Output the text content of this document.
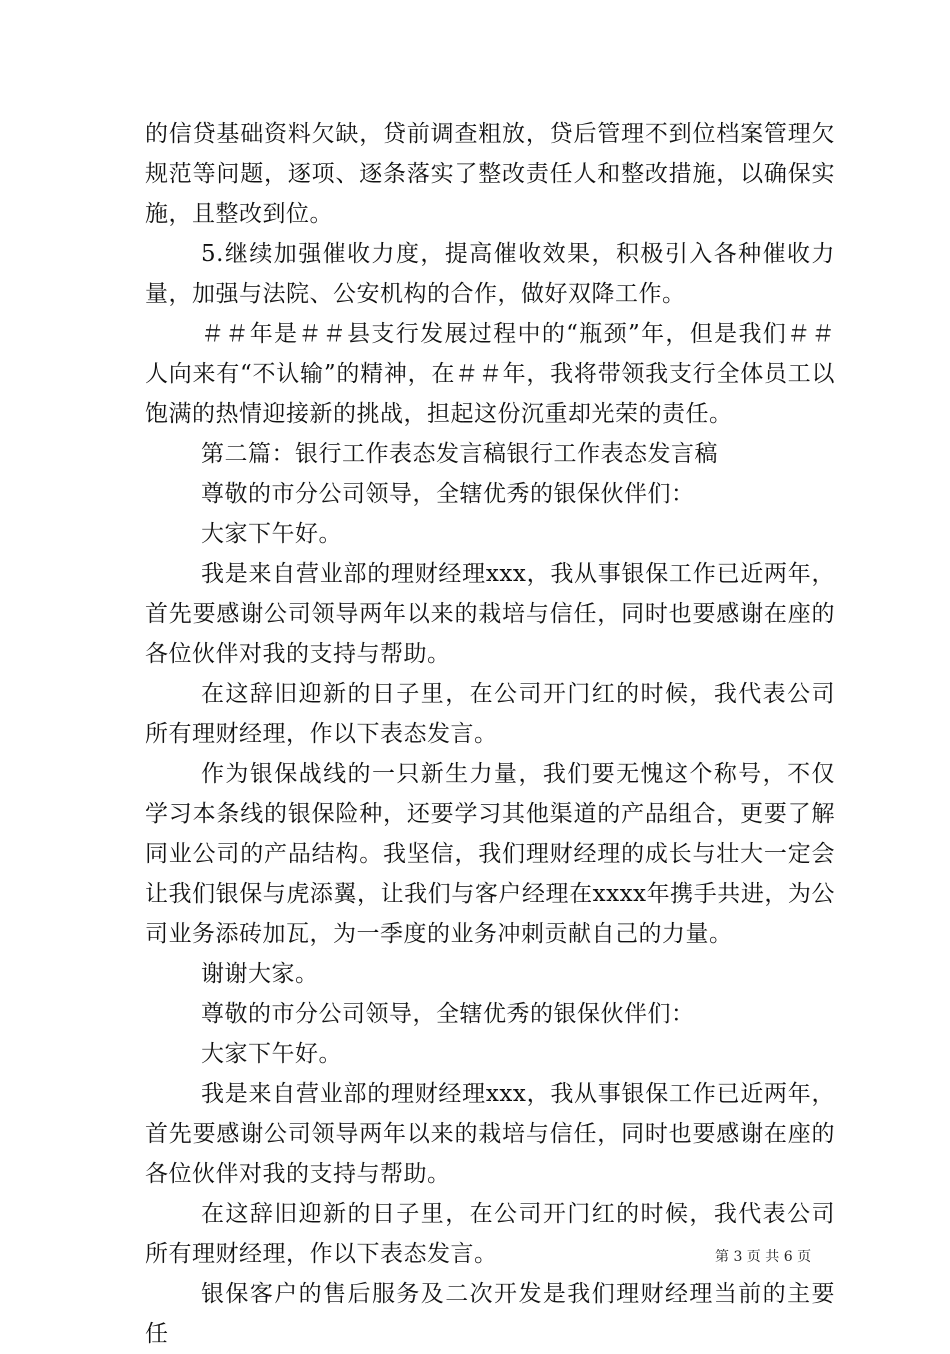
的信贷基础资料欠缺，贷前调查粗放，贷后管理不到位档案管理欠规范等问题，逐项、逐条落实了整改责任人和整改措施，以确保实施，且整改到位。

5.继续加强催收力度，提高催收效果，积极引入各种催收力量，加强与法院、公安机构的合作，做好双降工作。

＃＃年是＃＃县支行发展过程中的“瓶颈”年，但是我们＃＃人向来有“不认输”的精神，在＃＃年，我将带领我支行全体员工以饱满的热情迎接新的挑战，担起这份沉重却光荣的责任。

第二篇：银行工作表态发言稿银行工作表态发言稿

尊敬的市分公司领导，全辖优秀的银保伙伴们：

大家下午好。

我是来自营业部的理财经理xxx，我从事银保工作已近两年，首先要感谢公司领导两年以来的栽培与信任，同时也要感谢在座的各位伙伴对我的支持与帮助。

在这辞旧迎新的日子里，在公司开门红的时候，我代表公司所有理财经理，作以下表态发言。

作为银保战线的一只新生力量，我们要无愧这个称号，不仅学习本条线的银保险种，还要学习其他渠道的产品组合，更要了解同业公司的产品结构。我坚信，我们理财经理的成长与壮大一定会让我们银保与虎添翼，让我们与客户经理在xxxx年携手共进，为公司业务添砖加瓦，为一季度的业务冲刺贡献自己的力量。

谢谢大家。

尊敬的市分公司领导，全辖优秀的银保伙伴们：

大家下午好。

我是来自营业部的理财经理xxx，我从事银保工作已近两年，首先要感谢公司领导两年以来的栽培与信任，同时也要感谢在座的各位伙伴对我的支持与帮助。

在这辞旧迎新的日子里，在公司开门红的时候，我代表公司所有理财经理，作以下表态发言。

银保客户的售后服务及二次开发是我们理财经理当前的主要任

第 3 页 共 6 页
